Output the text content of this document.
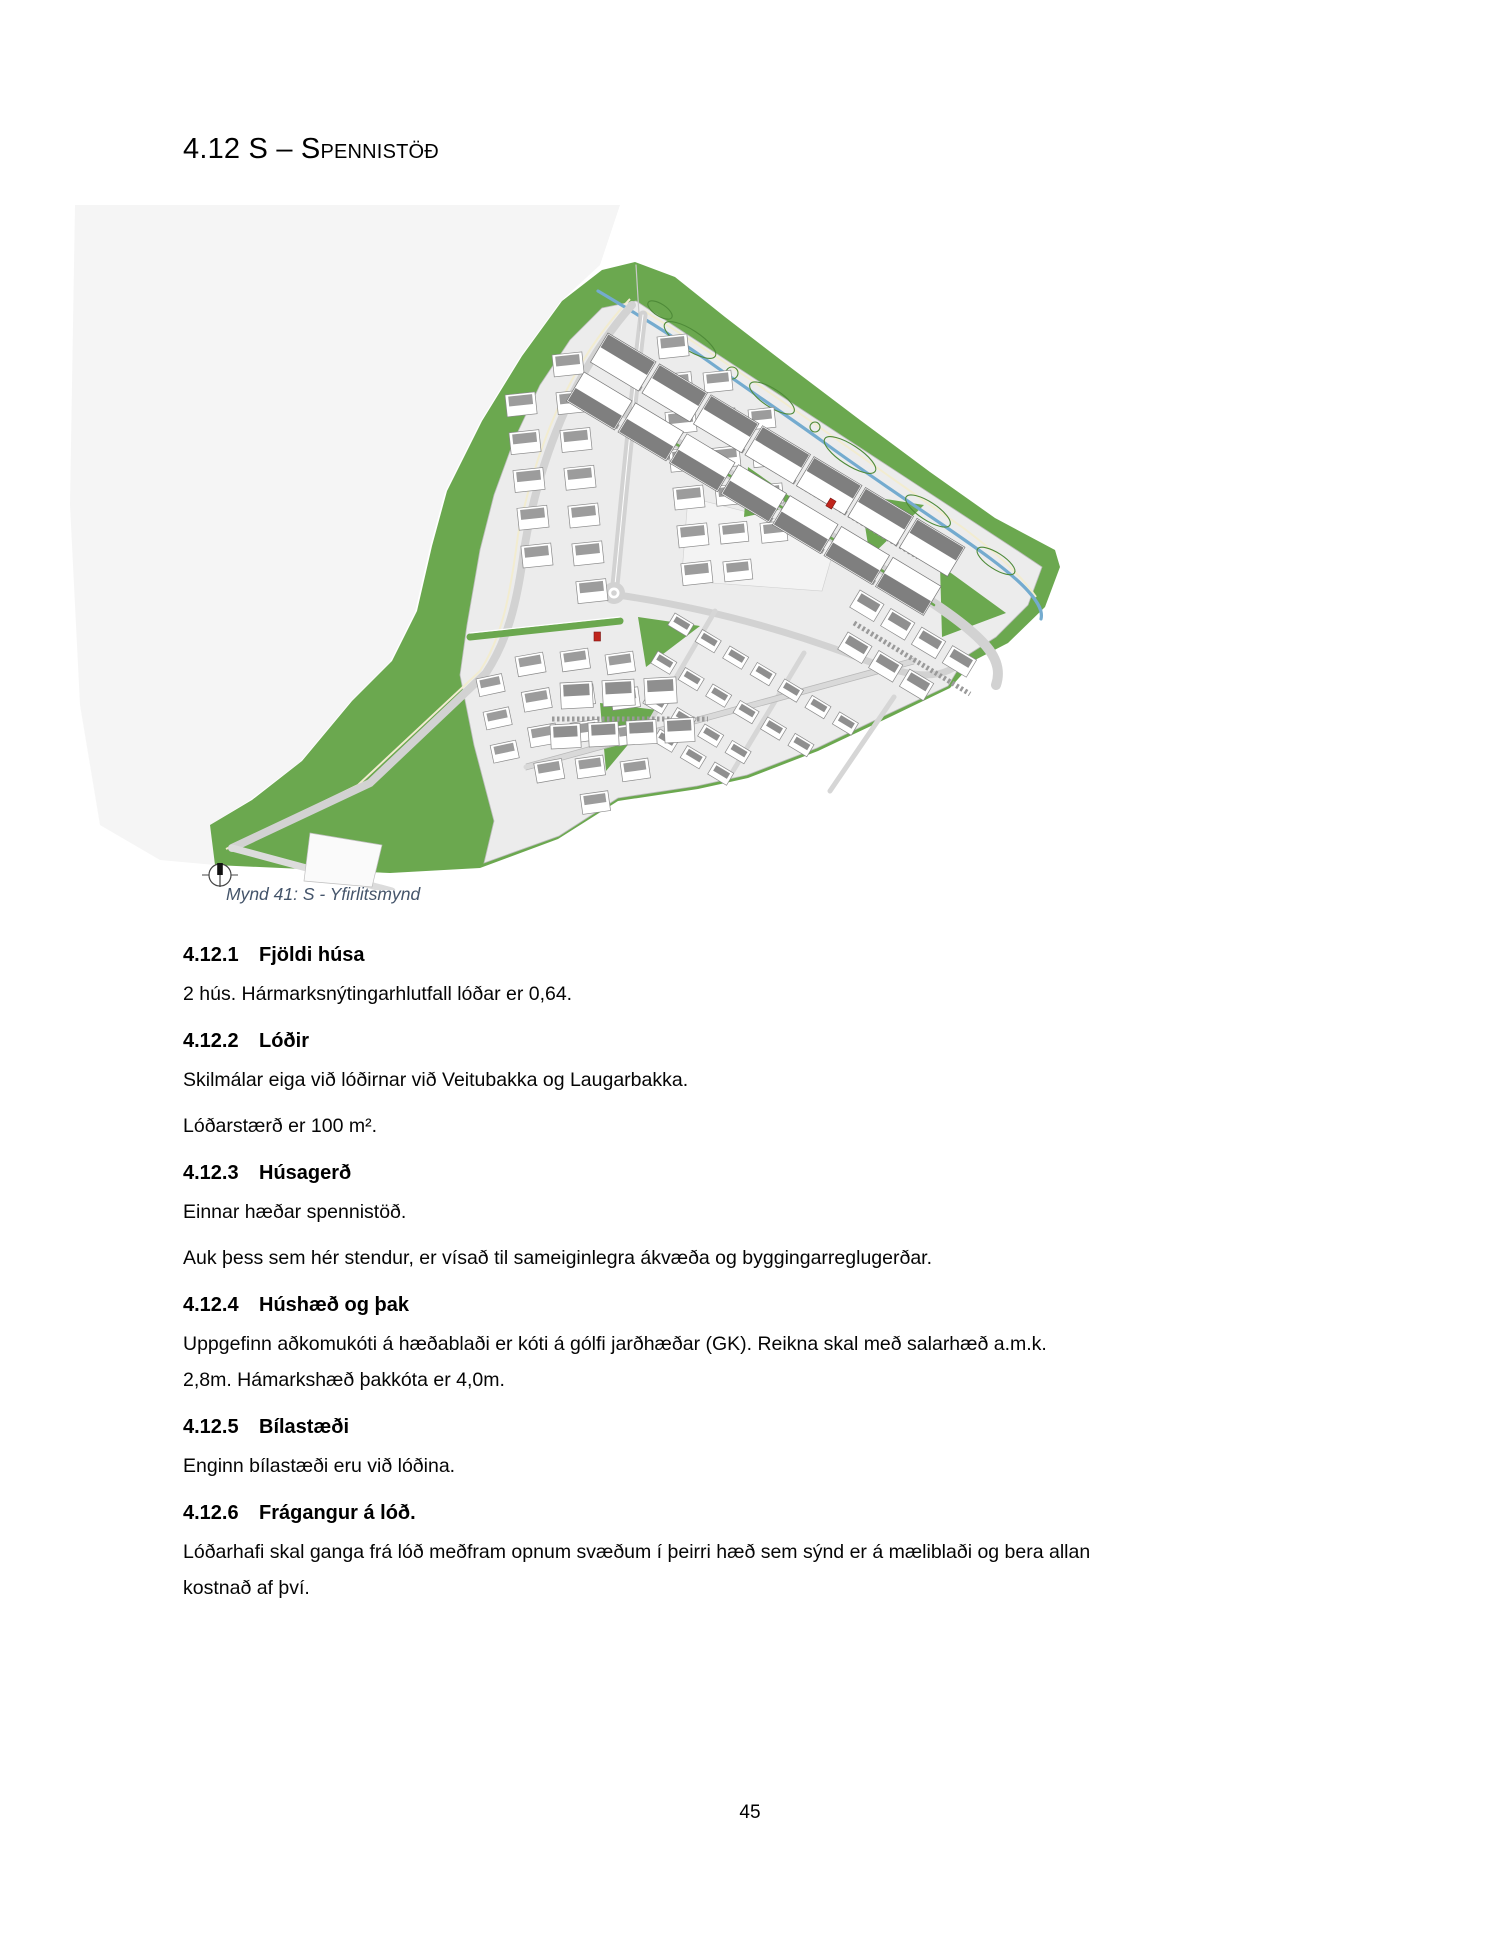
4.12 S – Spennistöð
Mynd 41: S - Yfirlitsmynd
4.12.1 Fjöldi húsa

2 hús. Hármarksnýtingarhlutfall lóðar er 0,64.

4.12.2 Lóðir

Skilmálar eiga við lóðirnar við Veitubakka og Laugarbakka.

Lóðarstærð er 100 m².

4.12.3 Húsagerð

Einnar hæðar spennistöð.

Auk þess sem hér stendur, er vísað til sameiginlegra ákvæða og byggingarreglugerðar.

4.12.4 Húshæð og þak

Uppgefinn aðkomukóti á hæðablaði er kóti á gólfi jarðhæðar (GK). Reikna skal með salarhæð a.m.k.
2,8m. Hámarkshæð þakkóta er 4,0m.

4.12.5 Bílastæði

Enginn bílastæði eru við lóðina.

4.12.6 Frágangur á lóð.

Lóðarhafi skal ganga frá lóð meðfram opnum svæðum í þeirri hæð sem sýnd er á mæliblaði og bera allan
kostnað af því.

45
